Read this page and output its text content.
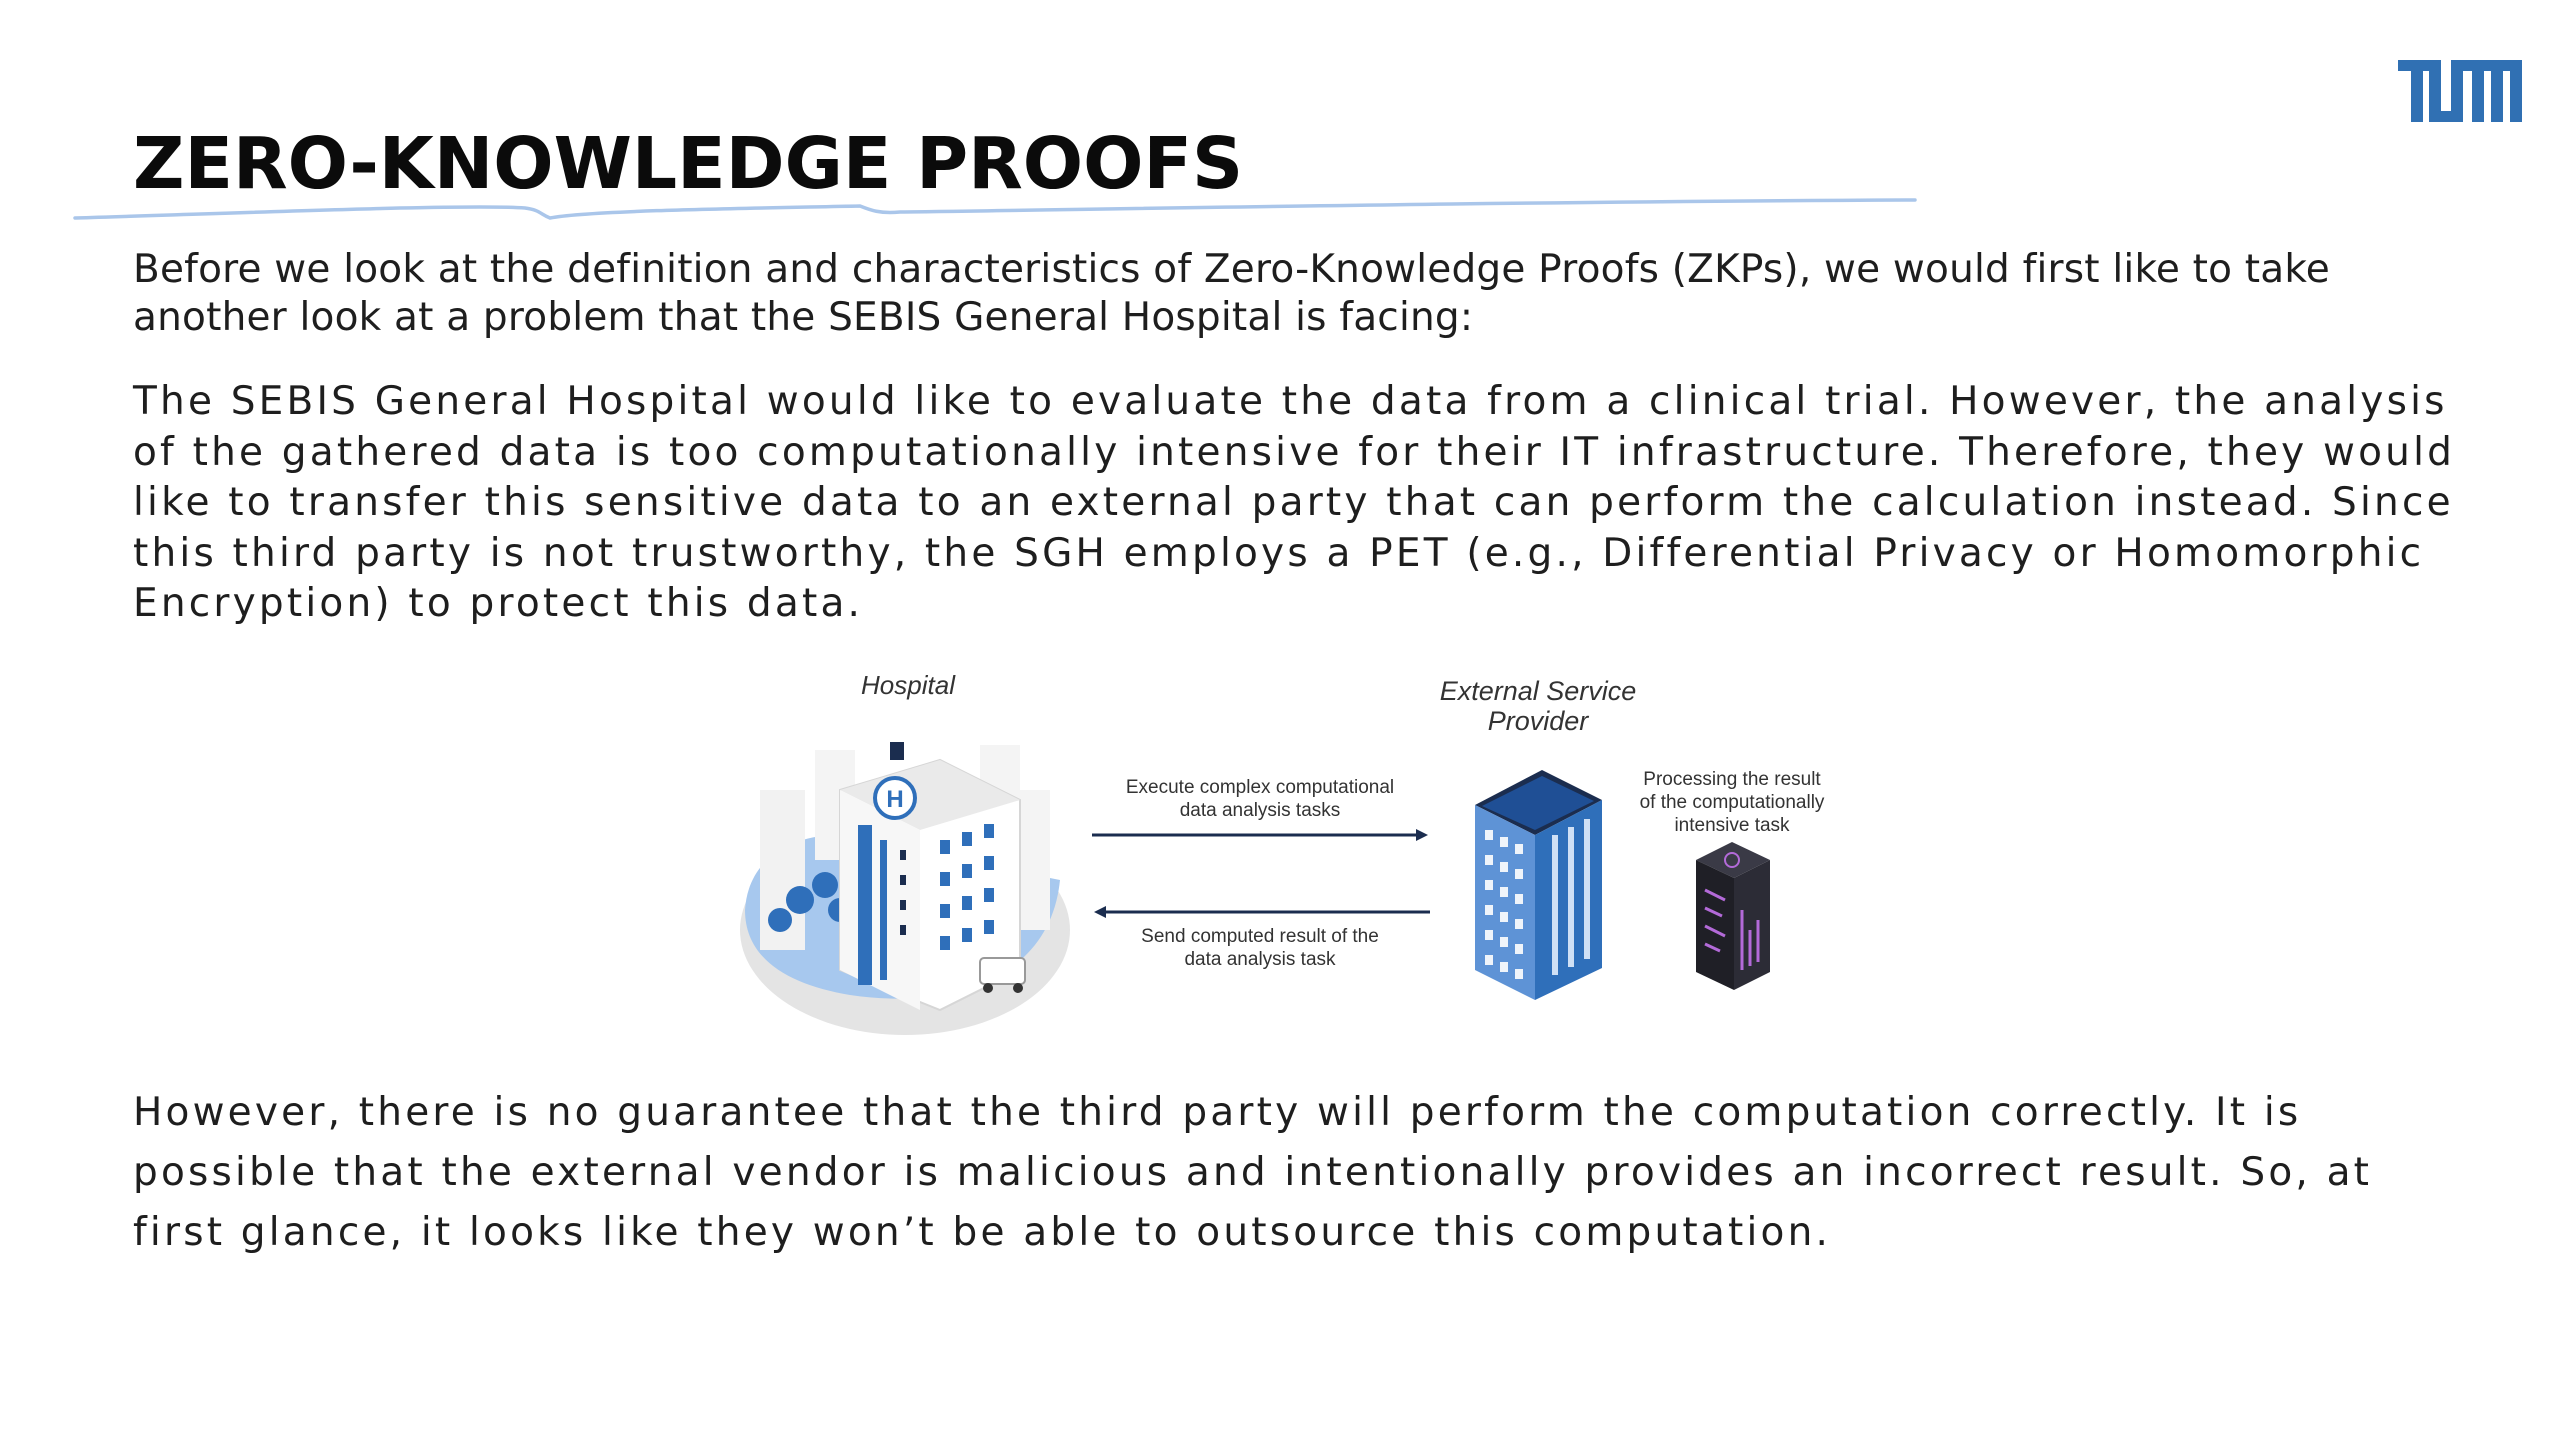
ZERO-KNOWLEDGE PROOFS

Before we look at the definition and characteristics of Zero-Knowledge Proofs (ZKPs), we would first like to take another look at a problem that the SEBIS General Hospital is facing:

The SEBIS General Hospital would like to evaluate the data from a clinical trial. However, the analysis of the gathered data is too computationally intensive for their IT infrastructure. Therefore, they would like to transfer this sensitive data to an external party that can perform the calculation instead. Since this third party is not trustworthy, the SGH employs a PET (e.g., Differential Privacy or Homomorphic Encryption) to protect this data.

H
Hospital
Execute complex computational
data analysis tasks
Send computed result of the
data analysis task
External Service
Provider
Processing the result
of the computationally
intensive task

However, there is no guarantee that the third party will perform the computation correctly. It is possible that the external vendor is malicious and intentionally provides an incorrect result. So, at first glance, it looks like they won’t be able to outsource this computation.
